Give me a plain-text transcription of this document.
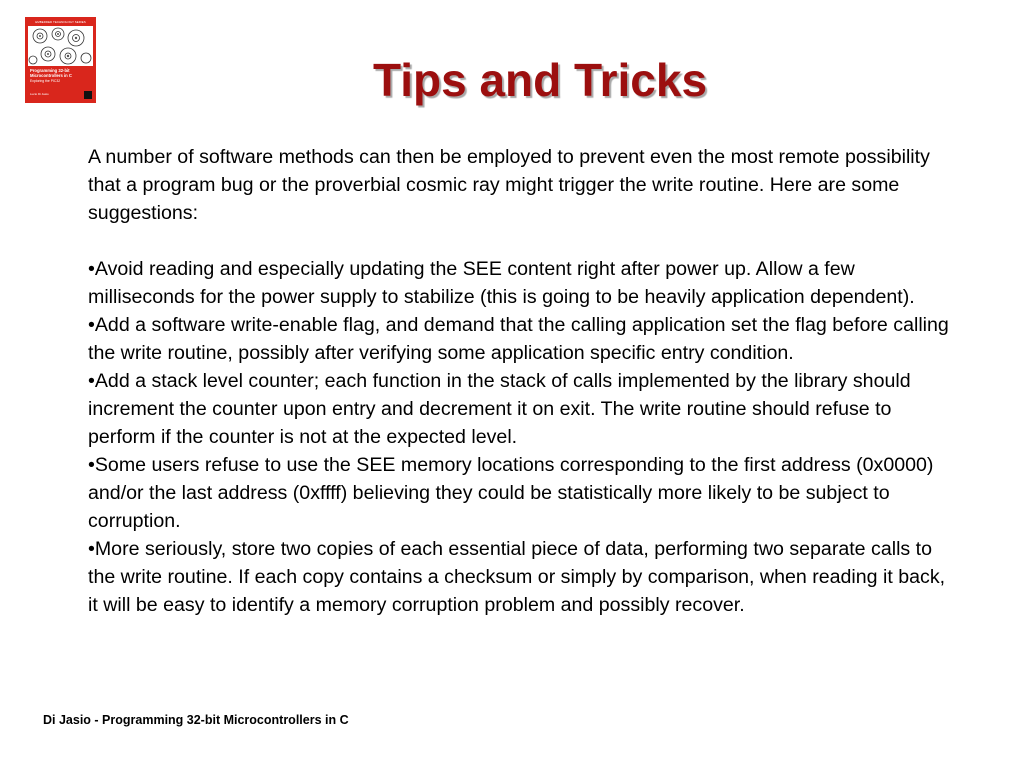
EMBEDDED TECHNOLOGY SERIES
Programming 32-bit Microcontrollers in C
Exploring the PIC32
Lucio Di Jasio	Tips and Tricks

A number of software methods can then be employed to prevent even the most remote possibility that a program bug or the proverbial cosmic ray might trigger the write routine. Here are some suggestions:

•Avoid reading and especially updating the SEE content right after power up. Allow a few milliseconds for the power supply to stabilize (this is going to be heavily application dependent).

•Add a software write-enable flag, and demand that the calling application set the flag before calling the write routine, possibly after verifying some application specific entry condition.

•Add a stack level counter; each function in the stack of calls implemented by the library should increment the counter upon entry and decrement it on exit. The write routine should refuse to perform if the counter is not at the expected level.

•Some users refuse to use the SEE memory locations corresponding to the first address (0x0000) and/or the last address (0xffff) believing they could be statistically more likely to be subject to corruption.

•More seriously, store two copies of each essential piece of data, performing two separate calls to the write routine. If each copy contains a checksum or simply by comparison, when reading it back, it will be easy to identify a memory corruption problem and possibly recover.

Di Jasio - Programming 32-bit Microcontrollers in C
